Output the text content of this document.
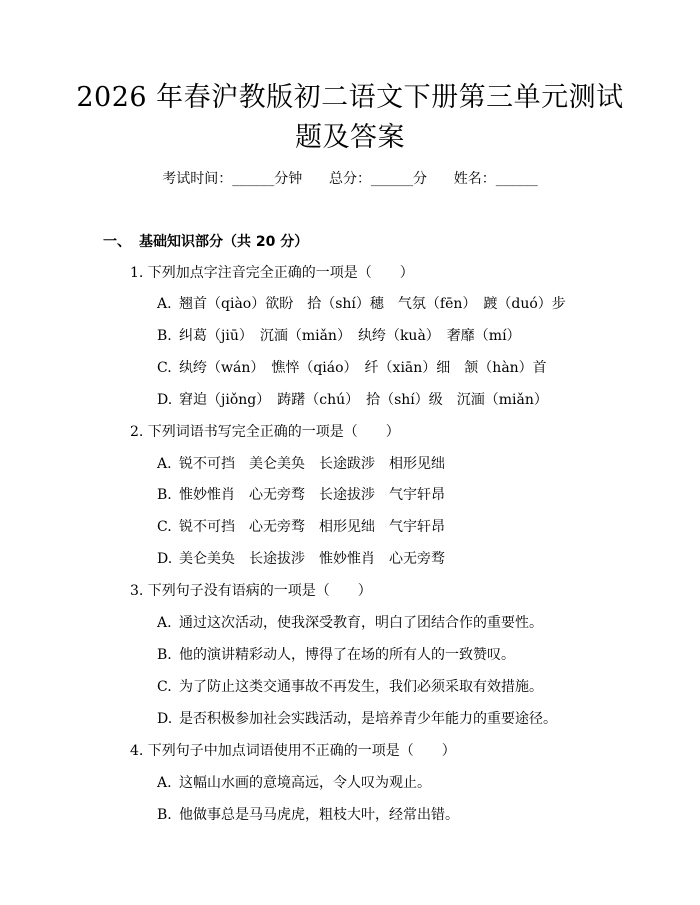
2026 年春沪教版初二语文下册第三单元测试
题及答案
考试时间：______分钟 总分：______分 姓名：______
一、 基础知识部分（共 20 分）
1. 下列加点字注音完全正确的一项是（　　）
A. 翘首（qiào）欲盼　拾（shí）穗　气氛（fēn）　踱（duó）步
B. 纠葛（jiū）　沉湎（miǎn）　纨绔（kuà）　奢靡（mí）
C. 纨绔（wán）　憔悴（qiáo）　纤（xiān）细　颔（hàn）首
D. 窘迫（jiǒng）　踌躇（chú）　拾（shí）级　沉湎（miǎn）
2. 下列词语书写完全正确的一项是（　　）
A. 锐不可挡　美仑美奂　长途跋涉　相形见绌
B. 惟妙惟肖　心无旁骛　长途拔涉　气宇轩昂
C. 锐不可挡　心无旁骛　相形见绌　气宇轩昂
D. 美仑美奂　长途拔涉　惟妙惟肖　心无旁骛
3. 下列句子没有语病的一项是（　　）
A. 通过这次活动，使我深受教育，明白了团结合作的重要性。
B. 他的演讲精彩动人，博得了在场的所有人的一致赞叹。
C. 为了防止这类交通事故不再发生，我们必须采取有效措施。
D. 是否积极参加社会实践活动，是培养青少年能力的重要途径。
4. 下列句子中加点词语使用不正确的一项是（　　）
A. 这幅山水画的意境高远，令人叹为观止。
B. 他做事总是马马虎虎，粗枝大叶，经常出错。
